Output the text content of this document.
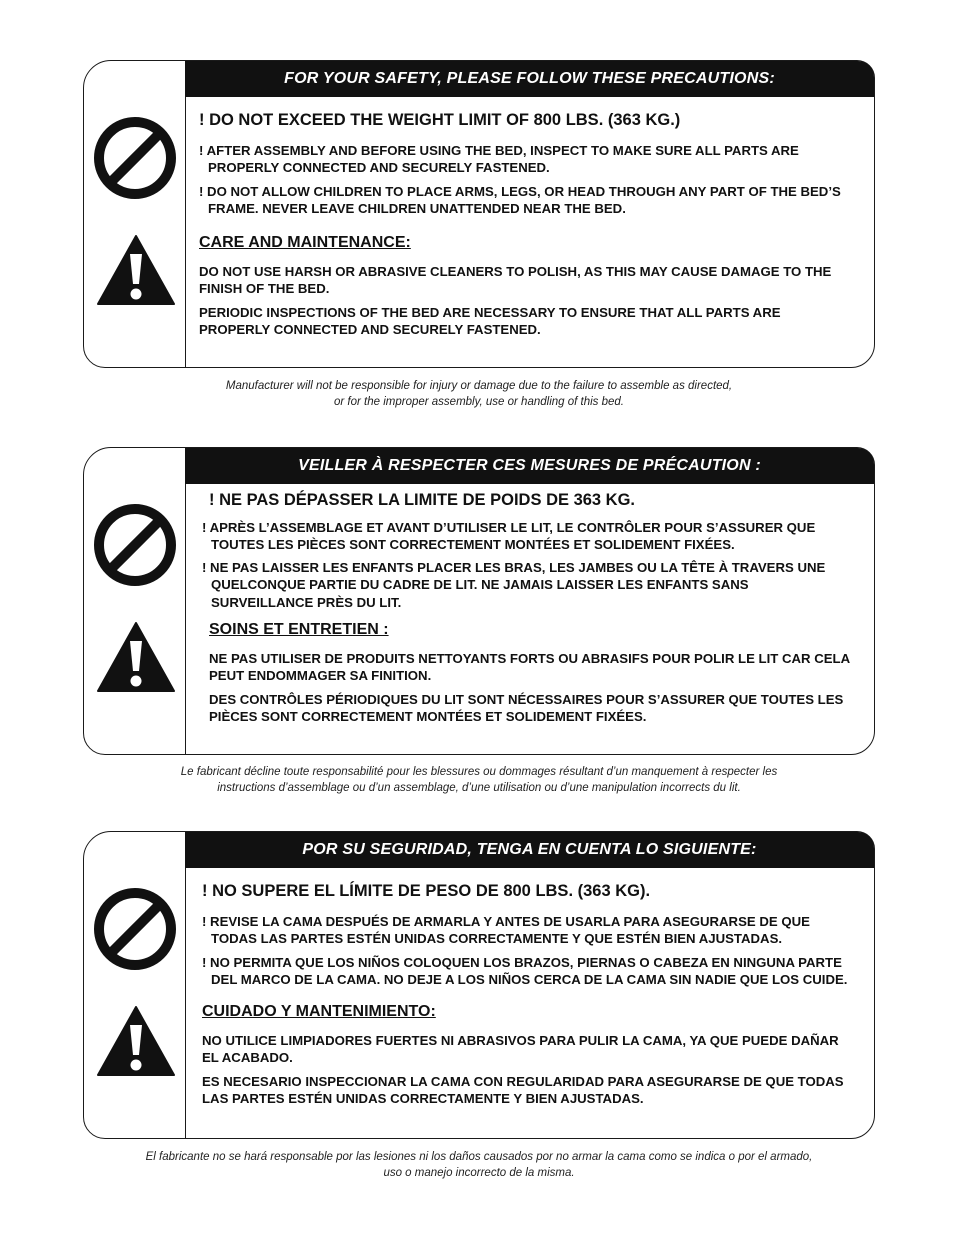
FOR YOUR SAFETY, PLEASE FOLLOW THESE PRECAUTIONS:

! DO NOT EXCEED THE WEIGHT LIMIT OF 800 LBS. (363 KG.)

! AFTER ASSEMBLY AND BEFORE USING THE BED, INSPECT TO MAKE SURE ALL PARTS ARE PROPERLY CONNECTED AND SECURELY FASTENED.

! DO NOT ALLOW CHILDREN TO PLACE ARMS, LEGS, OR HEAD THROUGH ANY PART OF THE BED’S FRAME. NEVER LEAVE CHILDREN UNATTENDED NEAR THE BED.

CARE AND MAINTENANCE:

DO NOT USE HARSH OR ABRASIVE CLEANERS TO POLISH, AS THIS MAY CAUSE DAMAGE TO THE FINISH OF THE BED.

PERIODIC INSPECTIONS OF THE BED ARE NECESSARY TO ENSURE THAT ALL PARTS ARE PROPERLY CONNECTED AND SECURELY FASTENED.

Manufacturer will not be responsible for injury or damage due to the failure to assemble as directed,
or for the improper assembly, use or handling of this bed.
VEILLER À RESPECTER CES MESURES DE PRÉCAUTION :

! NE PAS DÉPASSER LA LIMITE DE POIDS DE 363 KG.

! APRÈS L’ASSEMBLAGE ET AVANT D’UTILISER LE LIT, LE CONTRÔLER POUR S’ASSURER QUE TOUTES LES PIÈCES SONT CORRECTEMENT MONTÉES ET SOLIDEMENT FIXÉES.

! NE PAS LAISSER LES ENFANTS PLACER LES BRAS, LES JAMBES OU LA TÊTE À TRAVERS UNE QUELCONQUE PARTIE DU CADRE DE LIT. NE JAMAIS LAISSER LES ENFANTS SANS SURVEILLANCE PRÈS DU LIT.

SOINS ET ENTRETIEN :

NE PAS UTILISER DE PRODUITS NETTOYANTS FORTS OU ABRASIFS POUR POLIR LE LIT CAR CELA PEUT ENDOMMAGER SA FINITION.

DES CONTRÔLES PÉRIODIQUES DU LIT SONT NÉCESSAIRES POUR S’ASSURER QUE TOUTES LES PIÈCES SONT CORRECTEMENT MONTÉES ET SOLIDEMENT FIXÉES.

Le fabricant décline toute responsabilité pour les blessures ou dommages résultant d’un manquement à respecter les
instructions d’assemblage ou d’un assemblage, d’une utilisation ou d’une manipulation incorrects du lit.
POR SU SEGURIDAD, TENGA EN CUENTA LO SIGUIENTE:

! NO SUPERE EL LÍMITE DE PESO DE 800 LBS. (363 KG).

! REVISE LA CAMA DESPUÉS DE ARMARLA Y ANTES DE USARLA PARA ASEGURARSE DE QUE TODAS LAS PARTES ESTÉN UNIDAS CORRECTAMENTE Y QUE ESTÉN BIEN AJUSTADAS.

! NO PERMITA QUE LOS NIÑOS COLOQUEN LOS BRAZOS, PIERNAS O CABEZA EN NINGUNA PARTE DEL MARCO DE LA CAMA. NO DEJE A LOS NIÑOS CERCA DE LA CAMA SIN NADIE QUE LOS CUIDE.

CUIDADO Y MANTENIMIENTO:

NO UTILICE LIMPIADORES FUERTES NI ABRASIVOS PARA PULIR LA CAMA, YA QUE PUEDE DAÑAR EL ACABADO.

ES NECESARIO INSPECCIONAR LA CAMA CON REGULARIDAD PARA ASEGURARSE DE QUE TODAS LAS PARTES ESTÉN UNIDAS CORRECTAMENTE Y BIEN AJUSTADAS.

El fabricante no se hará responsable por las lesiones ni los daños causados por no armar la cama como se indica o por el armado,
uso o manejo incorrecto de la misma.
